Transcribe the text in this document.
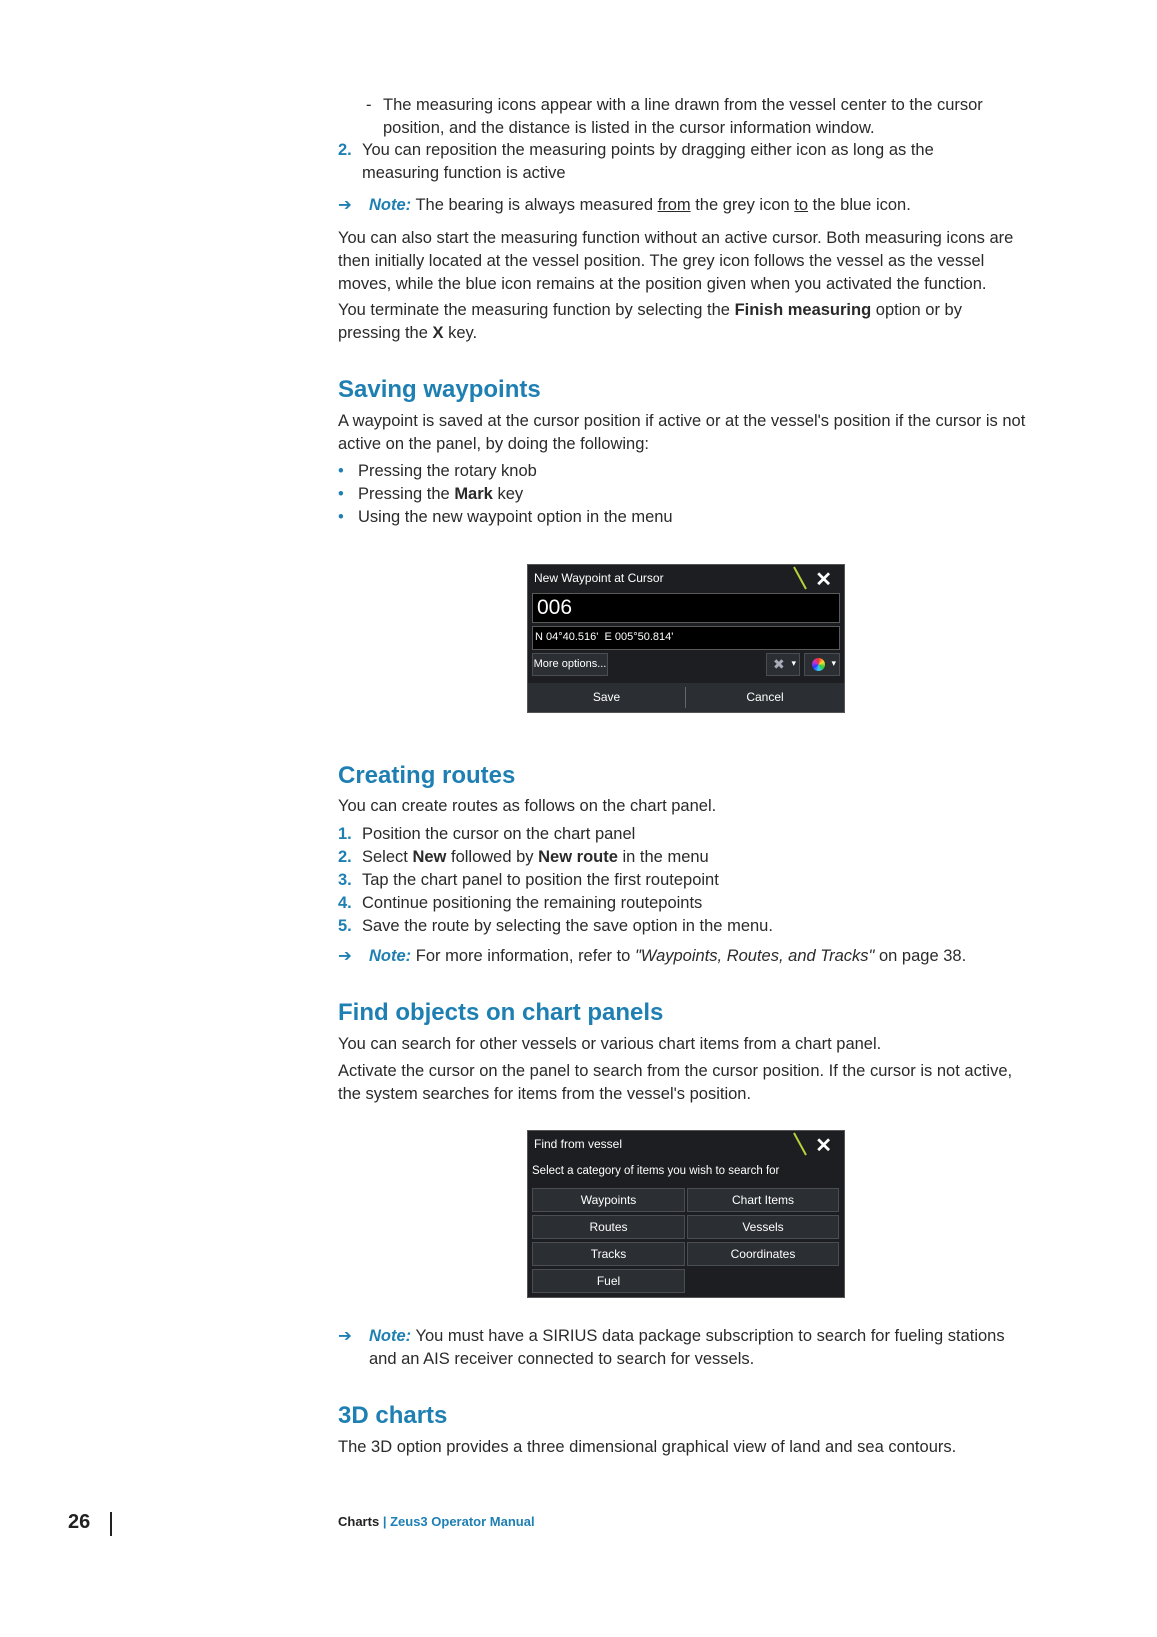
- The measuring icons appear with a line drawn from the vessel center to the cursor position, and the distance is listed in the cursor information window.
2. You can reposition the measuring points by dragging either icon as long as the measuring function is active
➔	Note: The bearing is always measured from the grey icon to the blue icon.
You can also start the measuring function without an active cursor. Both measuring icons are then initially located at the vessel position. The grey icon follows the vessel as the vessel moves, while the blue icon remains at the position given when you activated the function.
You terminate the measuring function by selecting the Finish measuring option or by pressing the X key.
Saving waypoints
A waypoint is saved at the cursor position if active or at the vessel's position if the cursor is not active on the panel, by doing the following:
• Pressing the rotary knob
• Pressing the Mark key
• Using the new waypoint option in the menu
New Waypoint at Cursor	✕
006
N 04°40.516'  E 005°50.814'
More options...	✖ ▾	▾
Save	Cancel
Creating routes
You can create routes as follows on the chart panel.
1. Position the cursor on the chart panel
2. Select New followed by New route in the menu
3. Tap the chart panel to position the first routepoint
4. Continue positioning the remaining routepoints
5. Save the route by selecting the save option in the menu.
➔	Note: For more information, refer to "Waypoints, Routes, and Tracks" on page 38.
Find objects on chart panels
You can search for other vessels or various chart items from a chart panel.
Activate the cursor on the panel to search from the cursor position. If the cursor is not active, the system searches for items from the vessel's position.
Find from vessel	✕
Select a category of items you wish to search for
Waypoints	Chart Items
Routes	Vessels
Tracks	Coordinates
Fuel
➔	Note: You must have a SIRIUS data package subscription to search for fueling stations and an AIS receiver connected to search for vessels.
3D charts
The 3D option provides a three dimensional graphical view of land and sea contours.
26	Charts | Zeus3 Operator Manual
